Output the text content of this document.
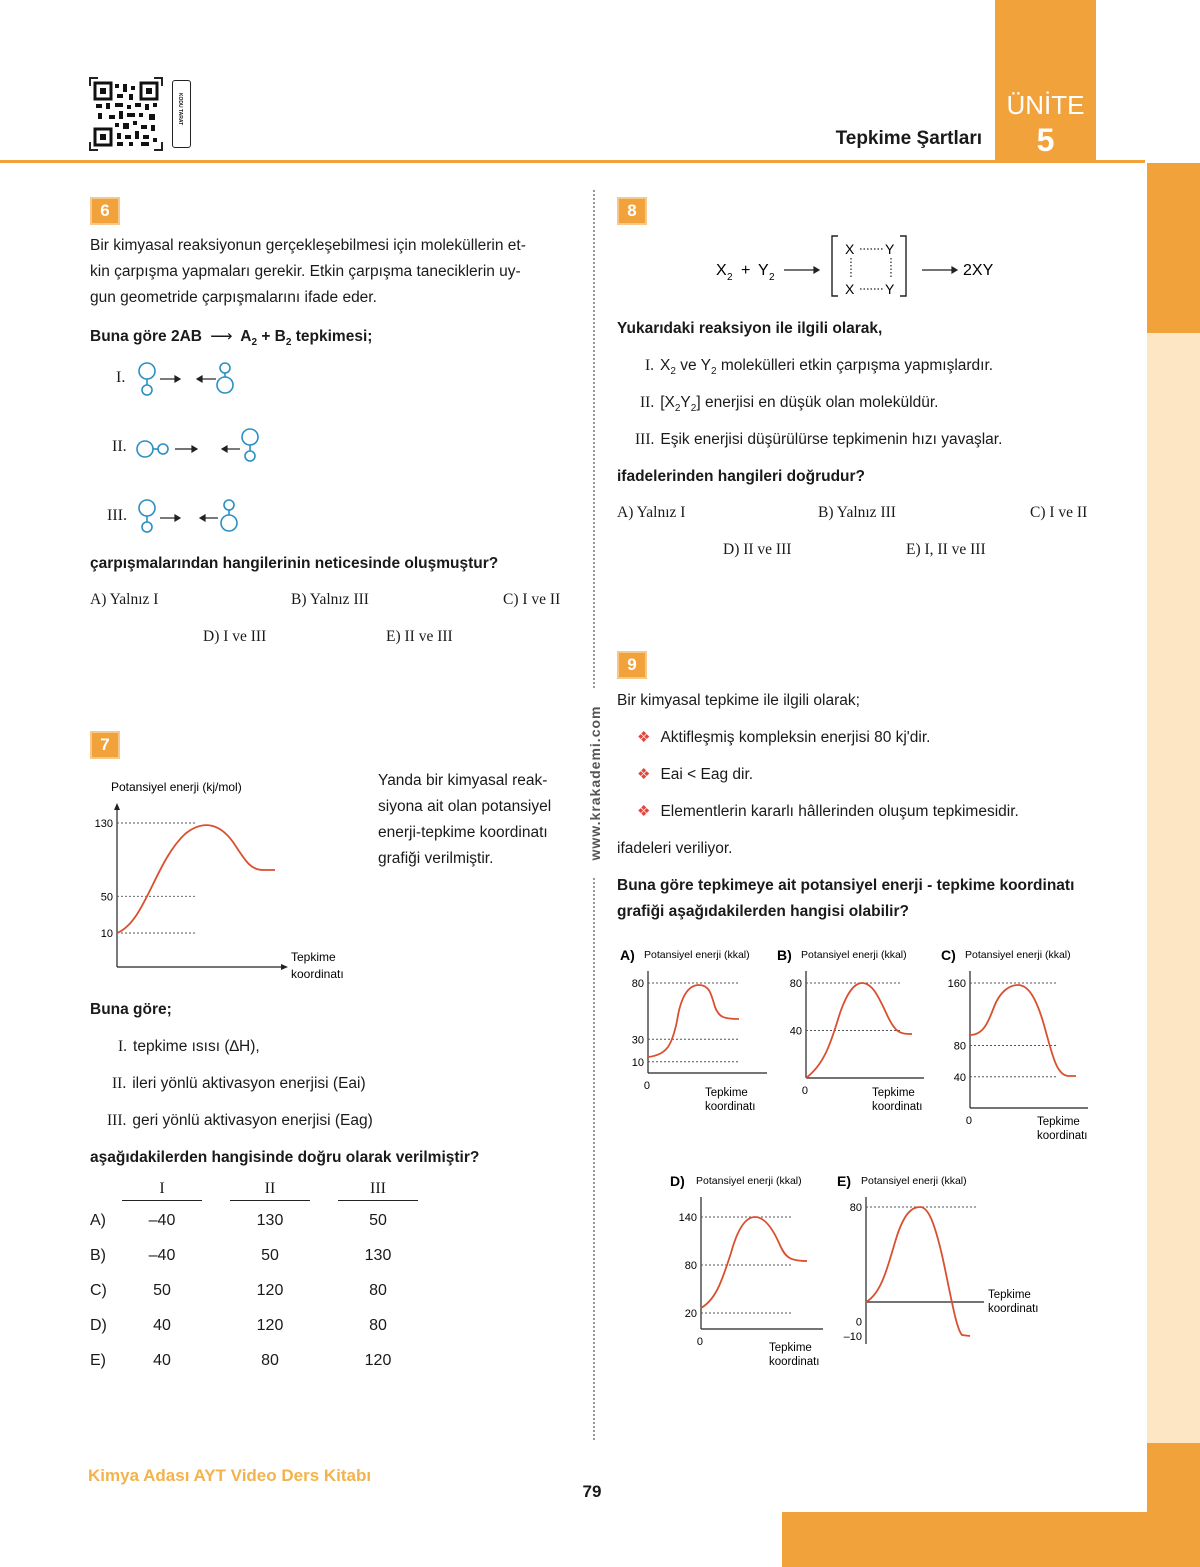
KODU TARAT
Tepkime Şartları
ÜNİTE
5
www.krakademi.com
6
Bir kimyasal reaksiyonun gerçekleşebilmesi için moleküllerin et-
kin çarpışma yapmaları gerekir. Etkin çarpışma taneciklerin uy-
gun geometride çarpışmalarını ifade eder.
Buna göre 2AB ⟶ $A_2 + B_2$ tepkimesi;
I.
II.
III.
çarpışmalarından hangilerinin neticesinde oluşmuştur?
A) Yalnız I	B) Yalnız III	C) I ve II
D) I ve III	E) II ve III
7
Potansiyel enerji (kj/mol)
10
50
130
Tepkime
koordinatı
Yanda bir kimyasal reak-
siyona ait olan potansiyel
enerji-tepkime koordinatı
grafiği verilmiştir.
Buna göre;
I. tepkime ısısı (∆H),
II. ileri yönlü aktivasyon enerjisi (Eai)
III. geri yönlü aktivasyon enerjisi (Eag)
aşağıdakilerden hangisinde doğru olarak verilmiştir?
I	II	III
A)	–40	130	50
B)	–40	50	130
C)	50	120	80
D)	40	120	80
E)	40	80	120
8
X 2 + Y 2
X Y
X Y
2XY
Yukarıdaki reaksiyon ile ilgili olarak,
I. $X_2$ ve $Y_2$ molekülleri etkin çarpışma yapmışlardır.
II. $[X_2Y_2]$ enerjisi en düşük olan moleküldür.
III. Eşik enerjisi düşürülürse tepkimenin hızı yavaşlar.
ifadelerinden hangileri doğrudur?
A) Yalnız I	B) Yalnız III	C) I ve II
D) II ve III	E) I, II ve III
9
Bir kimyasal tepkime ile ilgili olarak;
❖ Aktifleşmiş kompleksin enerjisi 80 kj'dir.
❖ Eai < Eag dir.
❖ Elementlerin kararlı hâllerinden oluşum tepkimesidir.
ifadeleri veriliyor.
Buna göre tepkimeye ait potansiyel enerji - tepkime koordinatı
grafiği aşağıdakilerden hangisi olabilir?
A) Potansiyel enerji (kkal)
0
10
30
80
Tepkime
koordinatı
B) Potansiyel enerji (kkal)
0
40
80
Tepkime
koordinatı
C) Potansiyel enerji (kkal)
0
40
80
160
Tepkime
koordinatı
D) Potansiyel enerji (kkal)
0
20
80
140
Tepkime
koordinatı
E) Potansiyel enerji (kkal)
–10
0
80
Tepkime
koordinatı
Kimya Adası AYT Video Ders Kitabı
79
